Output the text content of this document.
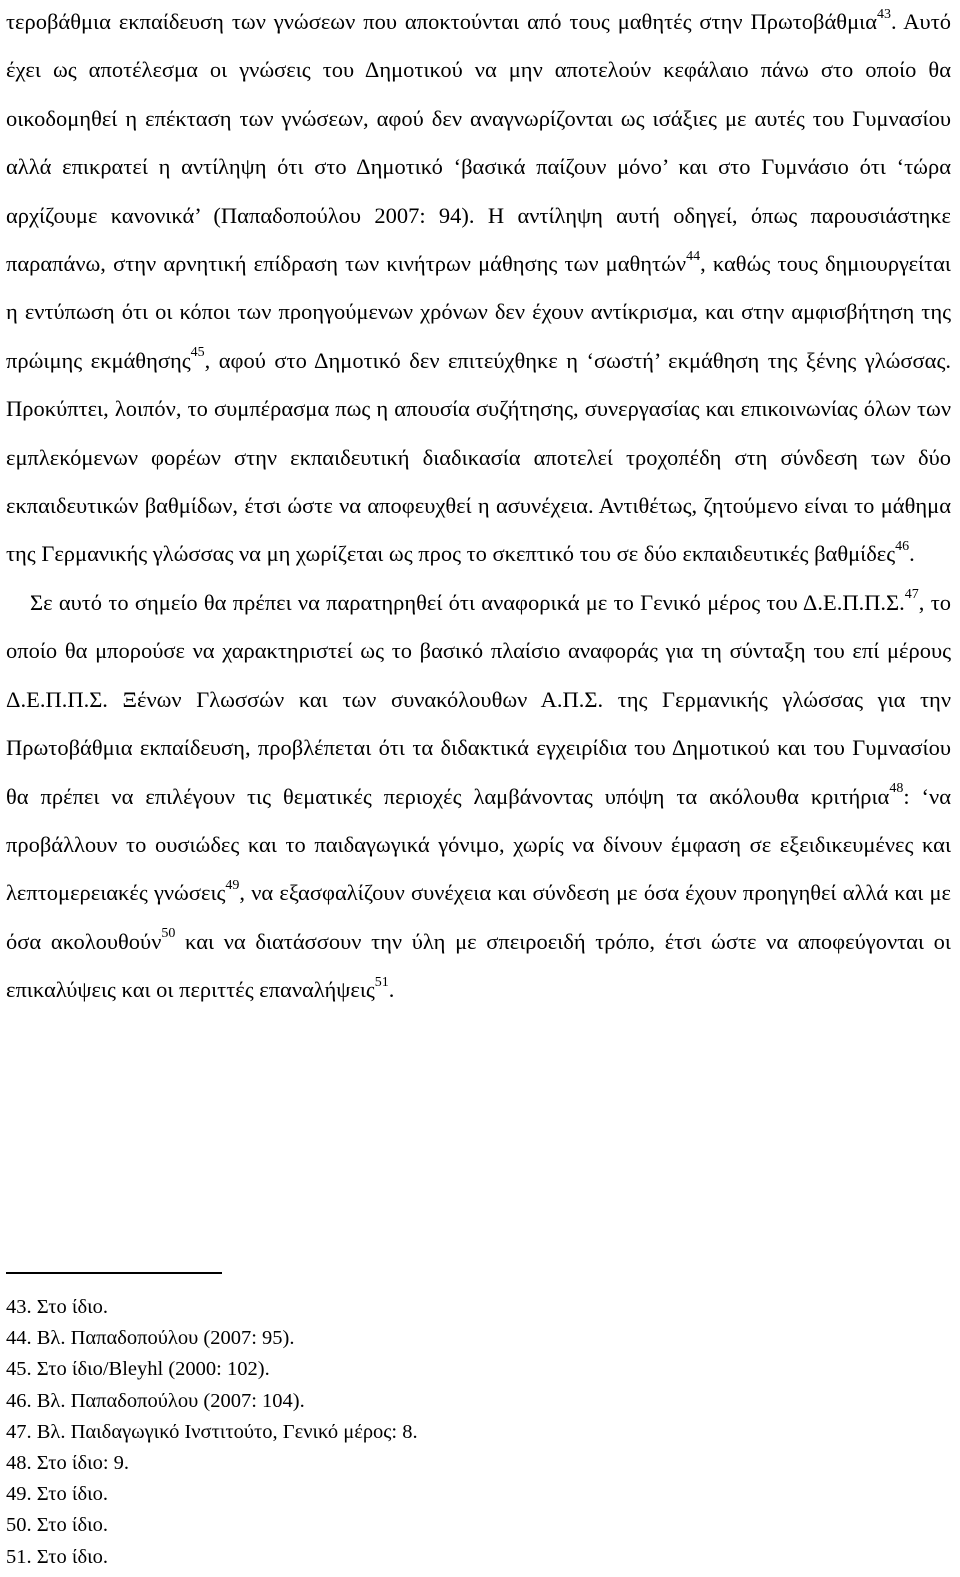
τεροβάθμια εκπαίδευση των γνώσεων που αποκτούνται από τους μαθητές στην Πρωτοβάθμια$^{43}$. Αυτό έχει ως αποτέλεσμα οι γνώσεις του Δημοτικού να μην αποτελούν κεφάλαιο πάνω στο οποίο θα οικοδομηθεί η επέκταση των γνώσεων, αφού δεν αναγνωρίζονται ως ισάξιες με αυτές του Γυμνασίου αλλά επικρατεί η αντίληψη ότι στο Δημοτικό ‘βασικά παίζουν μόνο’ και στο Γυμνάσιο ότι ‘τώρα αρχίζουμε κανονικά’ (Παπαδοπούλου 2007: 94). Η αντίληψη αυτή οδηγεί, όπως παρουσιάστηκε παραπάνω, στην αρνητική επίδραση των κινήτρων μάθησης των μαθητών$^{44}$, καθώς τους δημιουργείται η εντύπωση ότι οι κόποι των προηγούμενων χρόνων δεν έχουν αντίκρισμα, και στην αμφισβήτηση της πρώιμης εκμάθησης$^{45}$, αφού στο Δημοτικό δεν επιτεύχθηκε η ‘σωστή’ εκμάθηση της ξένης γλώσσας. Προκύπτει, λοιπόν, το συμπέρασμα πως η απουσία συζήτησης, συνεργασίας και επικοινωνίας όλων των εμπλεκόμενων φορέων στην εκπαιδευτική διαδικασία αποτελεί τροχοπέδη στη σύνδεση των δύο εκπαιδευτικών βαθμίδων, έτσι ώστε να αποφευχθεί η ασυνέχεια. Αντιθέτως, ζητούμενο είναι το μάθημα της Γερμανικής γλώσσας να μη χωρίζεται ως προς το σκεπτικό του σε δύο εκπαιδευτικές βαθμίδες$^{46}$.

Σε αυτό το σημείο θα πρέπει να παρατηρηθεί ότι αναφορικά με το Γενικό μέρος του Δ.Ε.Π.Π.Σ.$^{47}$, το οποίο θα μπορούσε να χαρακτηριστεί ως το βασικό πλαίσιο αναφοράς για τη σύνταξη του επί μέρους Δ.Ε.Π.Π.Σ. Ξένων Γλωσσών και των συνακόλουθων Α.Π.Σ. της Γερμανικής γλώσσας για την Πρωτοβάθμια εκπαίδευση, προβλέπεται ότι τα διδακτικά εγχειρίδια του Δημοτικού και του Γυμνασίου θα πρέπει να επιλέγουν τις θεματικές περιοχές λαμβάνοντας υπόψη τα ακόλουθα κριτήρια$^{48}$: ‘να προβάλλουν το ουσιώδες και το παιδαγωγικά γόνιμο, χωρίς να δίνουν έμφαση σε εξειδικευμένες και λεπτομερειακές γνώσεις$^{49}$, να εξασφαλίζουν συνέχεια και σύνδεση με όσα έχουν προηγηθεί αλλά και με όσα ακολουθούν$^{50}$ και να διατάσσουν την ύλη με σπειροειδή τρόπο, έτσι ώστε να αποφεύγονται οι επικαλύψεις και οι περιττές επαναλήψεις$^{51}$.

43. Στο ίδιο.
44. Βλ. Παπαδοπούλου (2007: 95).
45. Στο ίδιο/Bleyhl (2000: 102).
46. Βλ. Παπαδοπούλου (2007: 104).
47. Βλ. Παιδαγωγικό Ινστιτούτο, Γενικό μέρος: 8.
48. Στο ίδιο: 9.
49. Στο ίδιο.
50. Στο ίδιο.
51. Στο ίδιο.
